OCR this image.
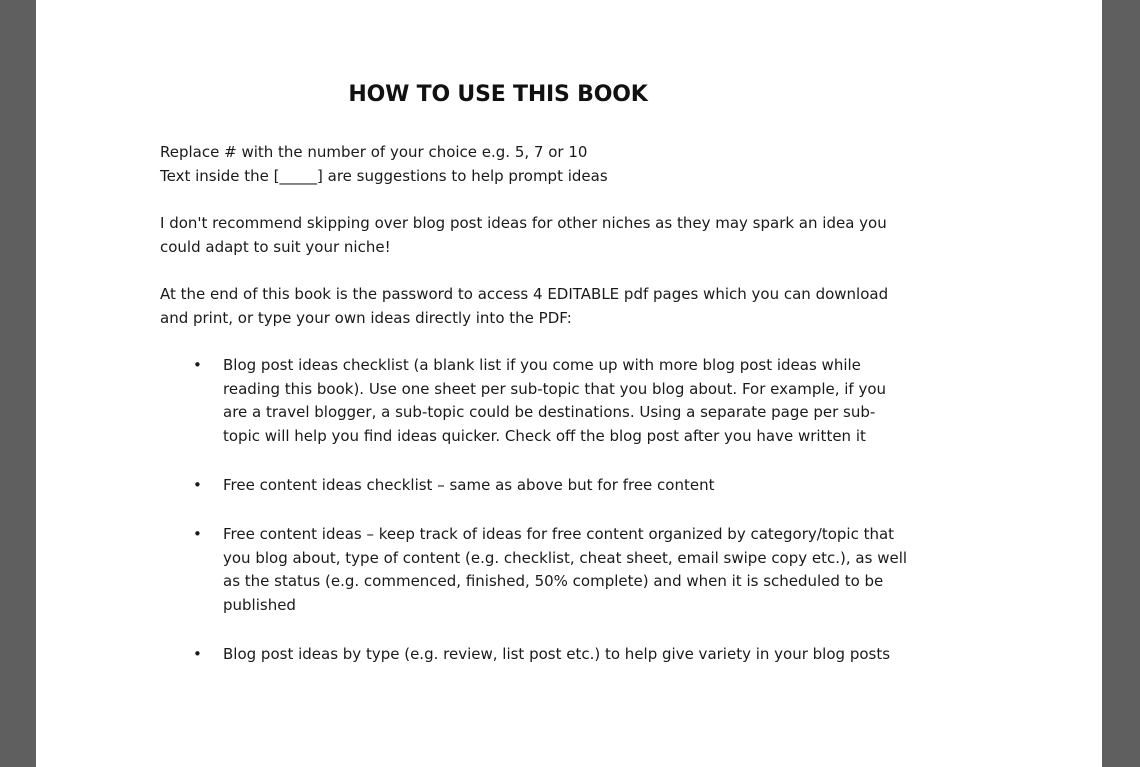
HOW TO USE THIS BOOK

Replace # with the number of your choice e.g. 5, 7 or 10
Text inside the [_____] are suggestions to help prompt ideas

I don't recommend skipping over blog post ideas for other niches as they may spark an idea you
could adapt to suit your niche!

At the end of this book is the password to access 4 EDITABLE pdf pages which you can download
and print, or type your own ideas directly into the PDF:

• Blog post ideas checklist (a blank list if you come up with more blog post ideas while
reading this book). Use one sheet per sub-topic that you blog about. For example, if you
are a travel blogger, a sub-topic could be destinations. Using a separate page per sub-
topic will help you find ideas quicker. Check off the blog post after you have written it
• Free content ideas checklist – same as above but for free content
• Free content ideas – keep track of ideas for free content organized by category/topic that
you blog about, type of content (e.g. checklist, cheat sheet, email swipe copy etc.), as well
as the status (e.g. commenced, finished, 50% complete) and when it is scheduled to be
published
• Blog post ideas by type (e.g. review, list post etc.) to help give variety in your blog posts
